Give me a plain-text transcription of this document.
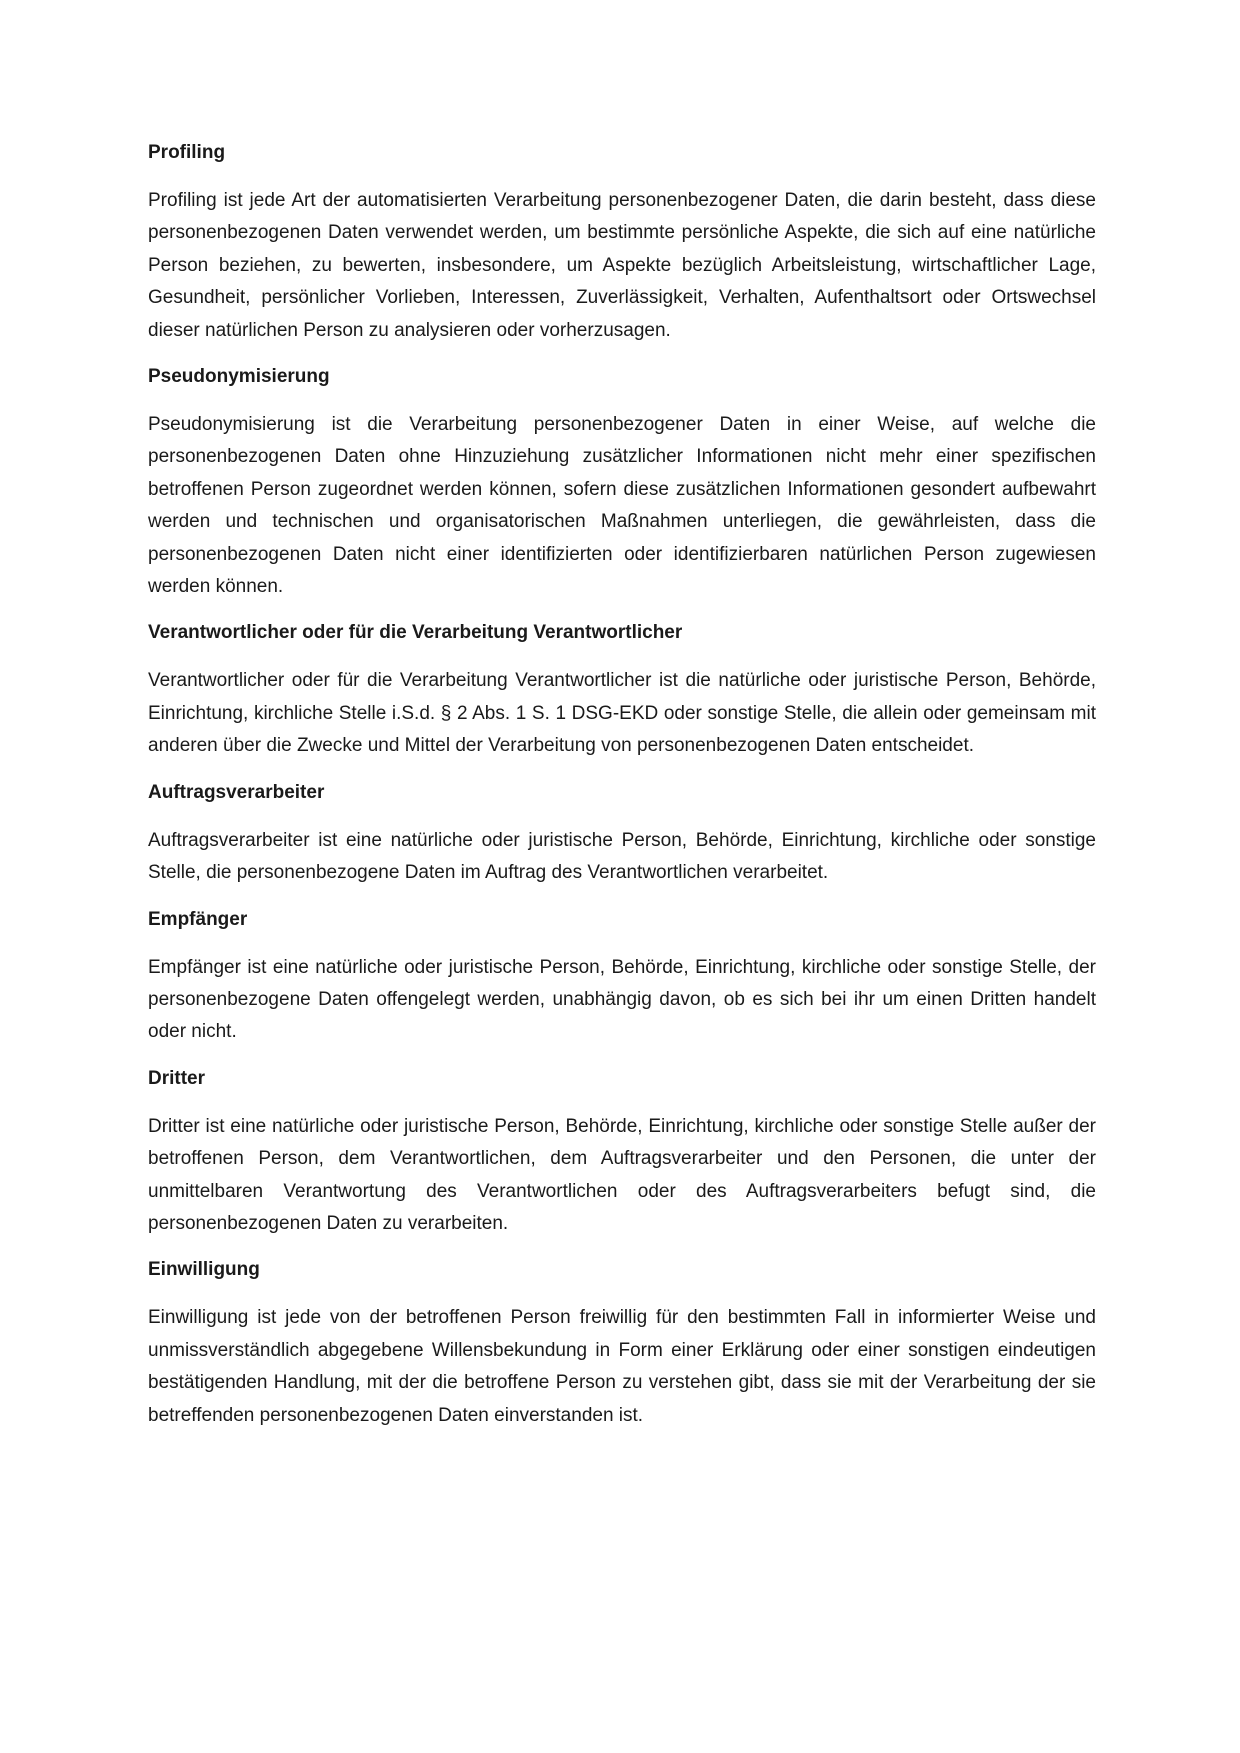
Profiling

Profiling ist jede Art der automatisierten Verarbeitung personenbezogener Daten, die darin besteht, dass diese personenbezogenen Daten verwendet werden, um bestimmte persönliche Aspekte, die sich auf eine natürliche Person beziehen, zu bewerten, insbesondere, um Aspekte bezüglich Arbeitsleistung, wirtschaftlicher Lage, Gesundheit, persönlicher Vorlieben, Interessen, Zuverlässigkeit, Verhalten, Aufenthaltsort oder Ortswechsel dieser natürlichen Person zu analysieren oder vorherzusagen.

Pseudonymisierung

Pseudonymisierung ist die Verarbeitung personenbezogener Daten in einer Weise, auf welche die personenbezogenen Daten ohne Hinzuziehung zusätzlicher Informationen nicht mehr einer spezifischen betroffenen Person zugeordnet werden können, sofern diese zusätzlichen Informationen gesondert aufbewahrt werden und technischen und organisatorischen Maßnahmen unterliegen, die gewährleisten, dass die personenbezogenen Daten nicht einer identifizierten oder identifizierbaren natürlichen Person zugewiesen werden können.

Verantwortlicher oder für die Verarbeitung Verantwortlicher

Verantwortlicher oder für die Verarbeitung Verantwortlicher ist die natürliche oder juristische Person, Behörde, Einrichtung, kirchliche Stelle i.S.d. § 2 Abs. 1 S. 1 DSG-EKD oder sonstige Stelle, die allein oder gemeinsam mit anderen über die Zwecke und Mittel der Verarbeitung von personenbezogenen Daten entscheidet.

Auftragsverarbeiter

Auftragsverarbeiter ist eine natürliche oder juristische Person, Behörde, Einrichtung, kirchliche oder sonstige Stelle, die personenbezogene Daten im Auftrag des Verantwortlichen verarbeitet.

Empfänger

Empfänger ist eine natürliche oder juristische Person, Behörde, Einrichtung, kirchliche oder sonstige Stelle, der personenbezogene Daten offengelegt werden, unabhängig davon, ob es sich bei ihr um einen Dritten handelt oder nicht.

Dritter

Dritter ist eine natürliche oder juristische Person, Behörde, Einrichtung, kirchliche oder sonstige Stelle außer der betroffenen Person, dem Verantwortlichen, dem Auftragsverarbeiter und den Personen, die unter der unmittelbaren Verantwortung des Verantwortlichen oder des Auftragsverarbeiters befugt sind, die personenbezogenen Daten zu verarbeiten.

Einwilligung

Einwilligung ist jede von der betroffenen Person freiwillig für den bestimmten Fall in informierter Weise und unmissverständlich abgegebene Willensbekundung in Form einer Erklärung oder einer sonstigen eindeutigen bestätigenden Handlung, mit der die betroffene Person zu verstehen gibt, dass sie mit der Verarbeitung der sie betreffenden personenbezogenen Daten einverstanden ist.
